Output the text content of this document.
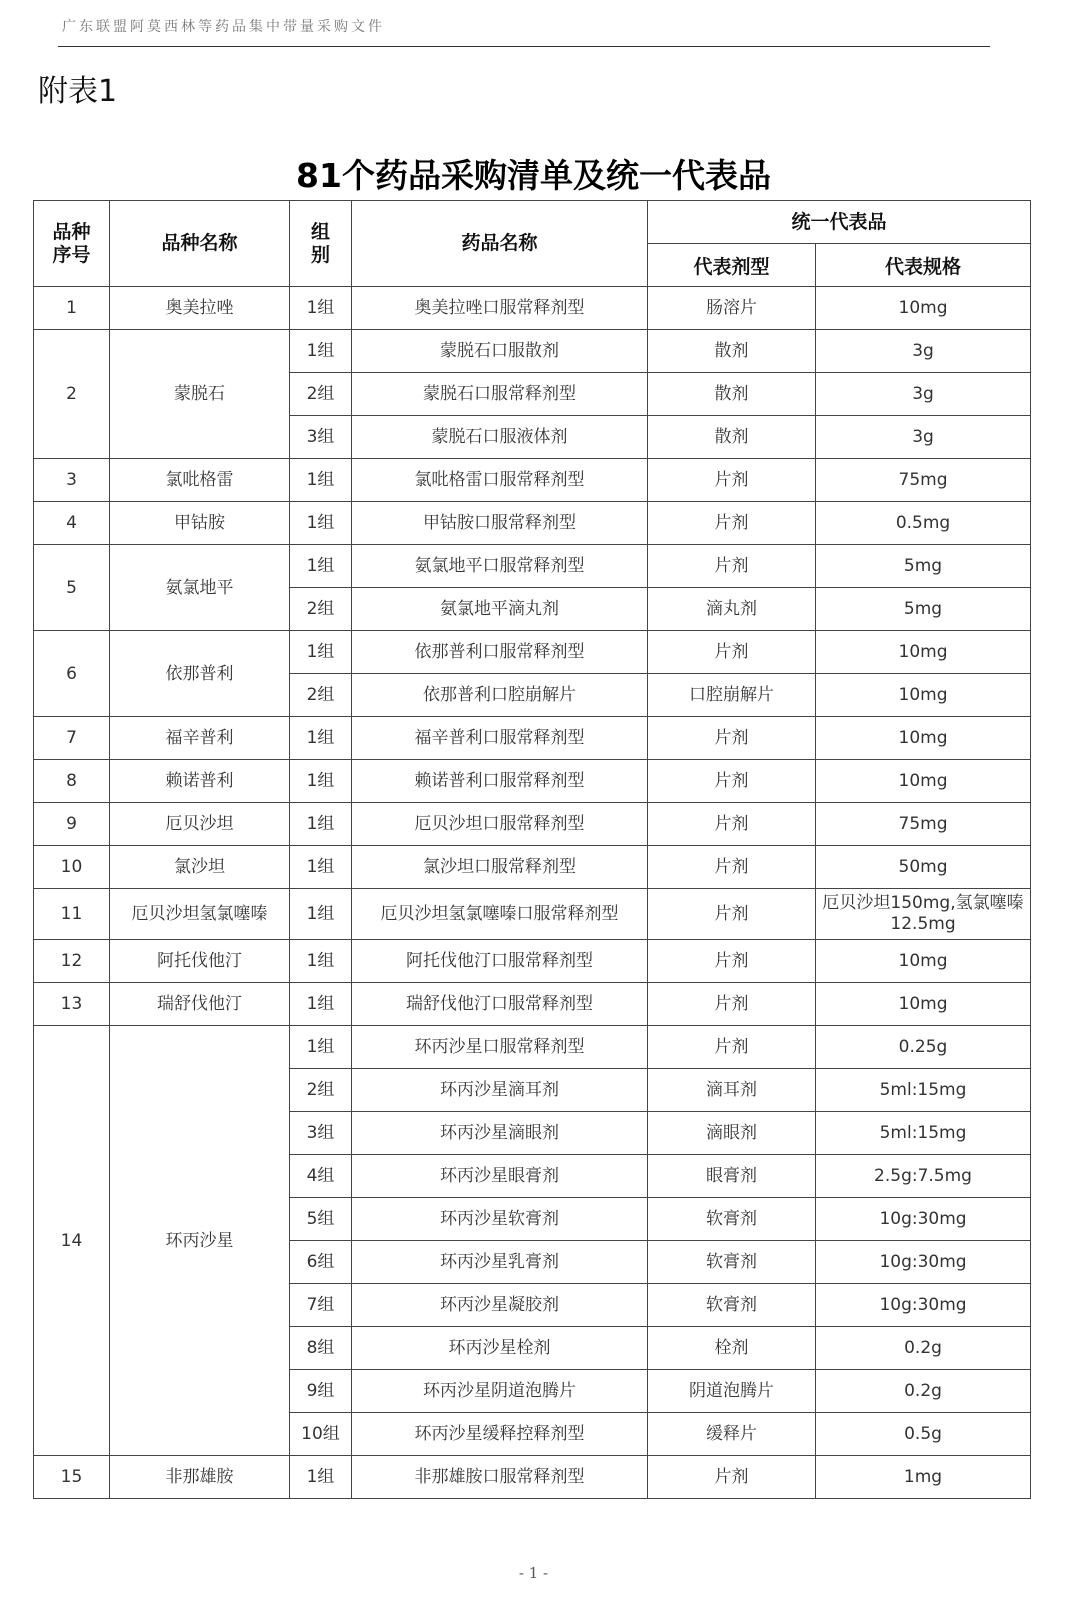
广东联盟阿莫西林等药品集中带量采购文件
附表1
81个药品采购清单及统一代表品
品种序号	品种名称	组别	药品名称	统一代表品	
				代表剂型	代表规格
1	奥美拉唑	1组	奥美拉唑口服常释剂型	肠溶片	10mg
2	蒙脱石	1组	蒙脱石口服散剂	散剂	3g
		2组	蒙脱石口服常释剂型	散剂	3g
		3组	蒙脱石口服液体剂	散剂	3g
3	氯吡格雷	1组	氯吡格雷口服常释剂型	片剂	75mg
4	甲钴胺	1组	甲钴胺口服常释剂型	片剂	0.5mg
5	氨氯地平	1组	氨氯地平口服常释剂型	片剂	5mg
		2组	氨氯地平滴丸剂	滴丸剂	5mg
6	依那普利	1组	依那普利口服常释剂型	片剂	10mg
		2组	依那普利口腔崩解片	口腔崩解片	10mg
7	福辛普利	1组	福辛普利口服常释剂型	片剂	10mg
8	赖诺普利	1组	赖诺普利口服常释剂型	片剂	10mg
9	厄贝沙坦	1组	厄贝沙坦口服常释剂型	片剂	75mg
10	氯沙坦	1组	氯沙坦口服常释剂型	片剂	50mg
11	厄贝沙坦氢氯噻嗪	1组	厄贝沙坦氢氯噻嗪口服常释剂型	片剂	厄贝沙坦150mg,氢氯噻嗪12.5mg
12	阿托伐他汀	1组	阿托伐他汀口服常释剂型	片剂	10mg
13	瑞舒伐他汀	1组	瑞舒伐他汀口服常释剂型	片剂	10mg
14	环丙沙星	1组	环丙沙星口服常释剂型	片剂	0.25g
		2组	环丙沙星滴耳剂	滴耳剂	5ml:15mg
		3组	环丙沙星滴眼剂	滴眼剂	5ml:15mg
		4组	环丙沙星眼膏剂	眼膏剂	2.5g:7.5mg
		5组	环丙沙星软膏剂	软膏剂	10g:30mg
		6组	环丙沙星乳膏剂	软膏剂	10g:30mg
		7组	环丙沙星凝胶剂	软膏剂	10g:30mg
		8组	环丙沙星栓剂	栓剂	0.2g
		9组	环丙沙星阴道泡腾片	阴道泡腾片	0.2g
		10组	环丙沙星缓释控释剂型	缓释片	0.5g
15	非那雄胺	1组	非那雄胺口服常释剂型	片剂	1mg
- 1 -
